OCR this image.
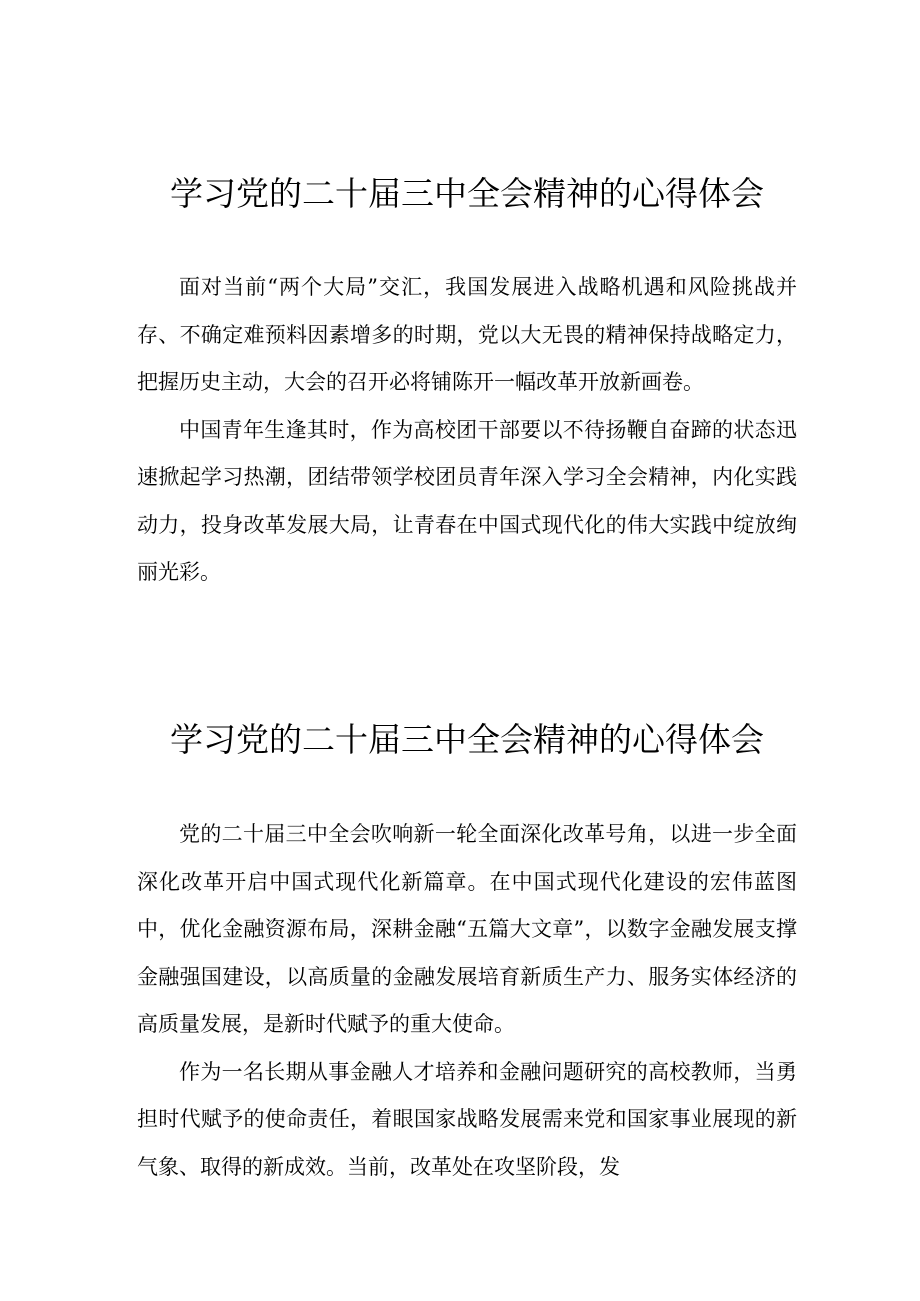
学习党的二十届三中全会精神的心得体会

面对当前“两个大局”交汇，我国发展进入战略机遇和风险挑战并存、不确定难预料因素增多的时期，党以大无畏的精神保持战略定力，把握历史主动，大会的召开必将铺陈开一幅改革开放新画卷。

中国青年生逢其时，作为高校团干部要以不待扬鞭自奋蹄的状态迅速掀起学习热潮，团结带领学校团员青年深入学习全会精神，内化实践动力，投身改革发展大局，让青春在中国式现代化的伟大实践中绽放绚丽光彩。

学习党的二十届三中全会精神的心得体会

党的二十届三中全会吹响新一轮全面深化改革号角，以进一步全面深化改革开启中国式现代化新篇章。在中国式现代化建设的宏伟蓝图中，优化金融资源布局，深耕金融“五篇大文章”，以数字金融发展支撑金融强国建设，以高质量的金融发展培育新质生产力、服务实体经济的高质量发展，是新时代赋予的重大使命。

作为一名长期从事金融人才培养和金融问题研究的高校教师，当勇担时代赋予的使命责任，着眼国家战略发展需来党和国家事业展现的新气象、取得的新成效。当前，改革处在攻坚阶段，发
